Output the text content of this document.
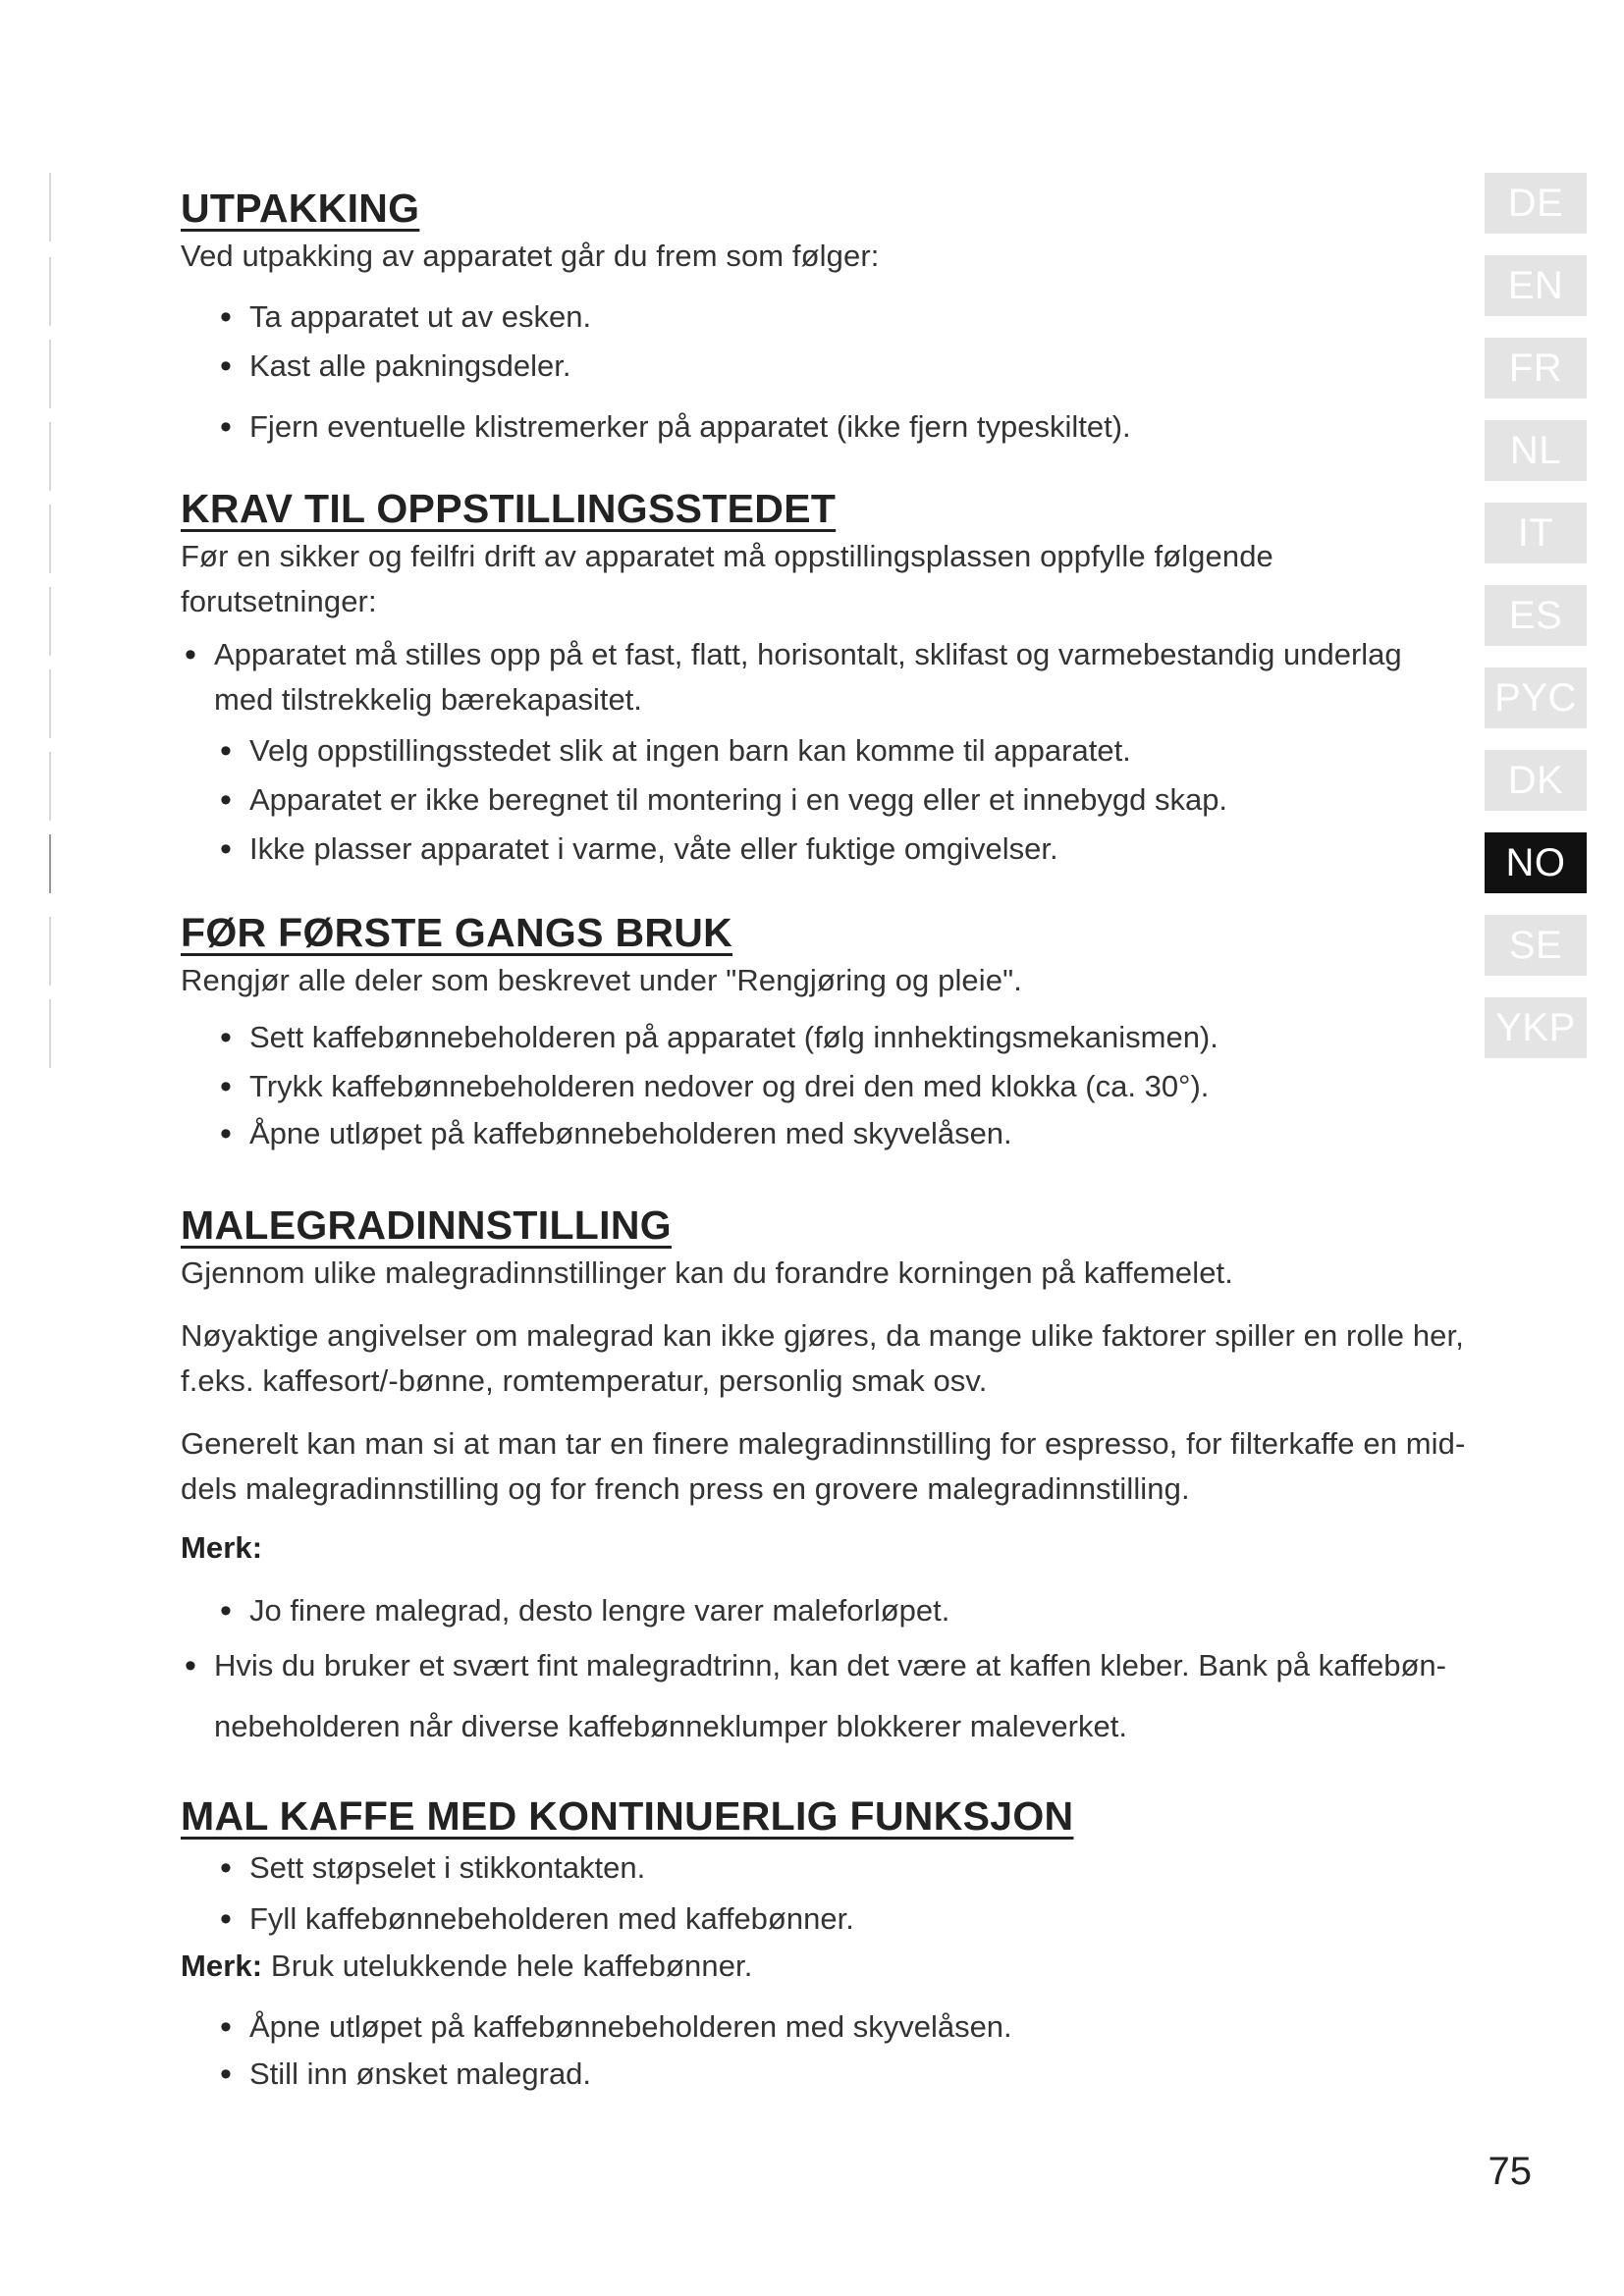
UTPAKKING

Ved utpakking av apparatet går du frem som følger:

• Ta apparatet ut av esken.
• Kast alle pakningsdeler.
• Fjern eventuelle klistremerker på apparatet (ikke fjern typeskiltet).
KRAV TIL OPPSTILLINGSSTEDET

Før en sikker og feilfri drift av apparatet må oppstillingsplassen oppfylle følgende forutsetninger:

• Apparatet må stilles opp på et fast, flatt, horisontalt, sklifast og varmebestandig underlag med tilstrekkelig bærekapasitet.
• Velg oppstillingsstedet slik at ingen barn kan komme til apparatet.
• Apparatet er ikke beregnet til montering i en vegg eller et innebygd skap.
• Ikke plasser apparatet i varme, våte eller fuktige omgivelser.
FØR FØRSTE GANGS BRUK

Rengjør alle deler som beskrevet under "Rengjøring og pleie".

• Sett kaffebønnebeholderen på apparatet (følg innhektingsmekanismen).
• Trykk kaffebønnebeholderen nedover og drei den med klokka (ca. 30°).
• Åpne utløpet på kaffebønnebeholderen med skyvelåsen.
MALEGRADINNSTILLING

Gjennom ulike malegradinnstillinger kan du forandre korningen på kaffemelet.

Nøyaktige angivelser om malegrad kan ikke gjøres, da mange ulike faktorer spiller en rolle her, f.eks. kaffesort/-bønne, romtemperatur, personlig smak osv.

Generelt kan man si at man tar en finere malegradinnstilling for espresso, for filterkaffe en mid-dels malegradinnstilling og for french press en grovere malegradinnstilling.

Merk:

• Jo finere malegrad, desto lengre varer maleforløpet.
• Hvis du bruker et svært fint malegradtrinn, kan det være at kaffen kleber. Bank på kaffebøn-nebeholderen når diverse kaffebønneklumper blokkerer maleverket.
MAL KAFFE MED KONTINUERLIG FUNKSJON
• Sett støpselet i stikkontakten.
• Fyll kaffebønnebeholderen med kaffebønner.

Merk: Bruk utelukkende hele kaffebønner.

• Åpne utløpet på kaffebønnebeholderen med skyvelåsen.
• Still inn ønsket malegrad.
DE
EN
FR
NL
IT
ES
PYC
DK
NO
SE
YKP
75
